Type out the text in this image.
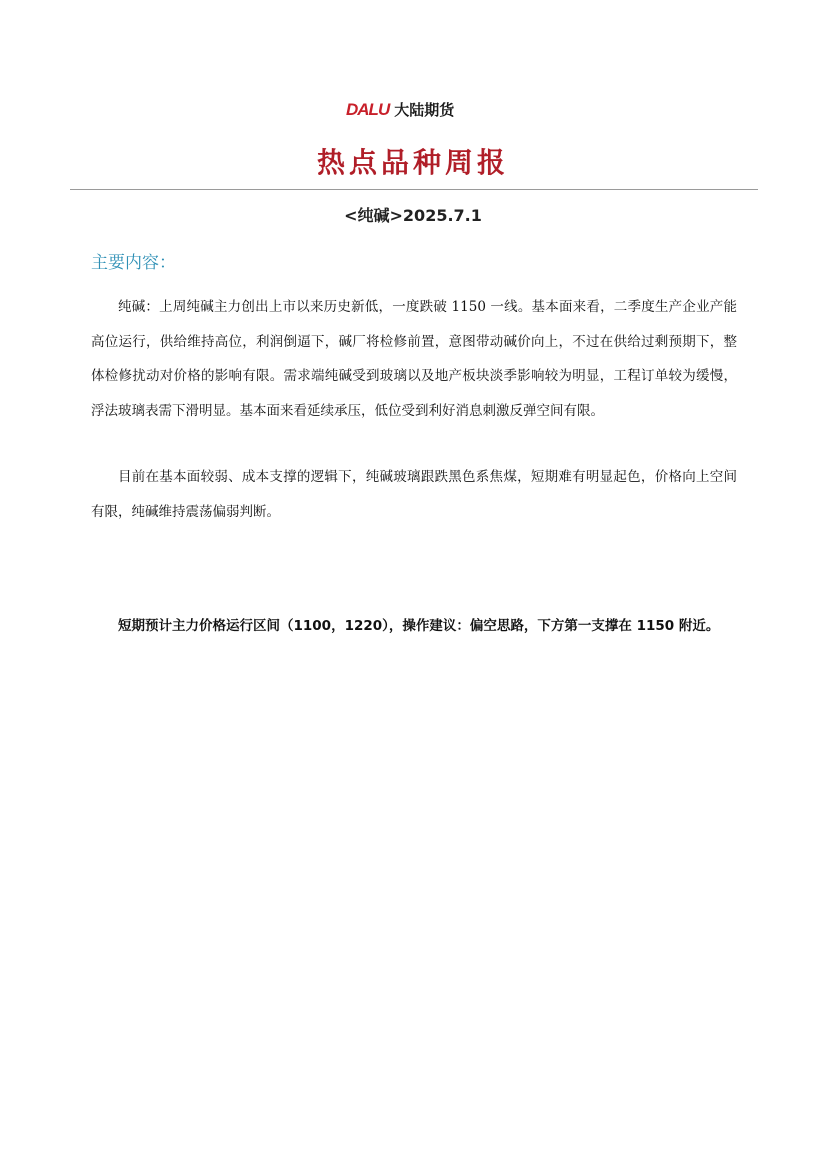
DALU 大陆期货
热点品种周报
<纯碱>2025.7.1
主要内容：

纯碱：上周纯碱主力创出上市以来历史新低，一度跌破 1150 一线。基本面来看，二季度生产企业产能高位运行，供给维持高位，利润倒逼下，碱厂将检修前置，意图带动碱价向上，不过在供给过剩预期下，整体检修扰动对价格的影响有限。需求端纯碱受到玻璃以及地产板块淡季影响较为明显，工程订单较为缓慢，浮法玻璃表需下滑明显。基本面来看延续承压，低位受到利好消息刺激反弹空间有限。

目前在基本面较弱、成本支撑的逻辑下，纯碱玻璃跟跌黑色系焦煤，短期难有明显起色，价格向上空间有限，纯碱维持震荡偏弱判断。

短期预计主力价格运行区间（1100，1220），操作建议：偏空思路，下方第一支撑在 1150 附近。
